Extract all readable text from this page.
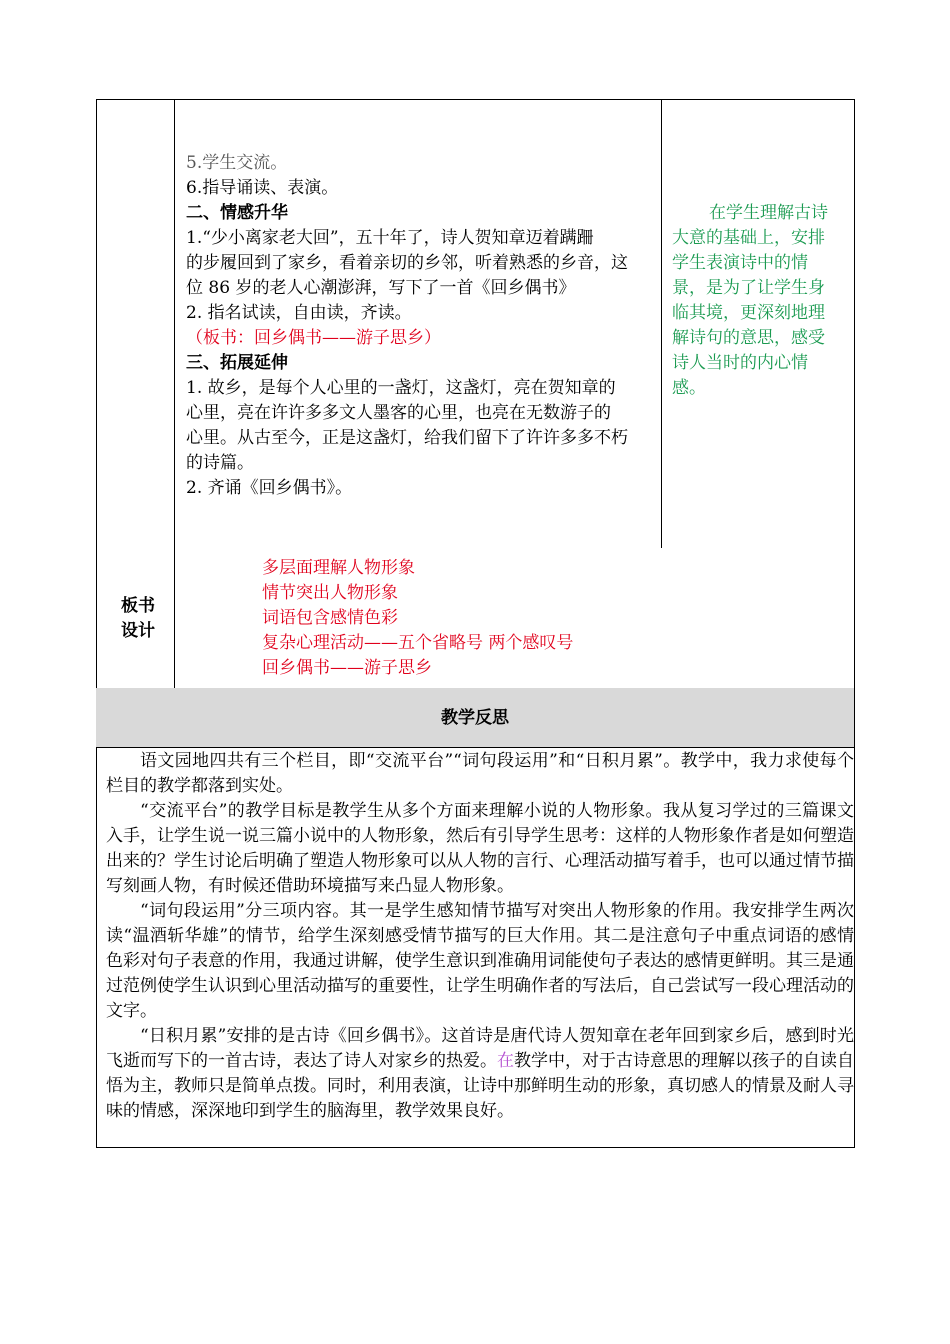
5.学生交流。
6.指导诵读、表演。
二、情感升华
1.“少小离家老大回”，五十年了，诗人贺知章迈着蹒跚
的步履回到了家乡，看着亲切的乡邻，听着熟悉的乡音，这
位 86 岁的老人心潮澎湃，写下了一首《回乡偶书》
2. 指名试读，自由读，齐读。
（板书：回乡偶书——游子思乡）
三、拓展延伸
1. 故乡，是每个人心里的一盏灯，这盏灯，亮在贺知章的
心里，亮在许许多多文人墨客的心里，也亮在无数游子的
心里。从古至今，正是这盏灯，给我们留下了许许多多不朽
的诗篇。
2. 齐诵《回乡偶书》。
在学生理解古诗
大意的基础上，安排
学生表演诗中的情
景，是为了让学生身
临其境，更深刻地理
解诗句的意思，感受
诗人当时的内心情
感。
板书
设计
多层面理解人物形象
情节突出人物形象
词语包含感情色彩
复杂心理活动——五个省略号 两个感叹号
回乡偶书——游子思乡
教学反思

语文园地四共有三个栏目，即“交流平台”“词句段运用”和“日积月累”。教学中，我力求使每个栏目的教学都落到实处。

“交流平台”的教学目标是教学生从多个方面来理解小说的人物形象。我从复习学过的三篇课文入手，让学生说一说三篇小说中的人物形象，然后有引导学生思考：这样的人物形象作者是如何塑造出来的？学生讨论后明确了塑造人物形象可以从人物的言行、心理活动描写着手，也可以通过情节描写刻画人物，有时候还借助环境描写来凸显人物形象。

“词句段运用”分三项内容。其一是学生感知情节描写对突出人物形象的作用。我安排学生两次读“温酒斩华雄”的情节，给学生深刻感受情节描写的巨大作用。其二是注意句子中重点词语的感情色彩对句子表意的作用，我通过讲解，使学生意识到准确用词能使句子表达的感情更鲜明。其三是通过范例使学生认识到心里活动描写的重要性，让学生明确作者的写法后，自己尝试写一段心理活动的文字。

“日积月累”安排的是古诗《回乡偶书》。这首诗是唐代诗人贺知章在老年回到家乡后，感到时光飞逝而写下的一首古诗，表达了诗人对家乡的热爱。在教学中，对于古诗意思的理解以孩子的自读自悟为主，教师只是简单点拨。同时，利用表演，让诗中那鲜明生动的形象，真切感人的情景及耐人寻味的情感，深深地印到学生的脑海里，教学效果良好。
